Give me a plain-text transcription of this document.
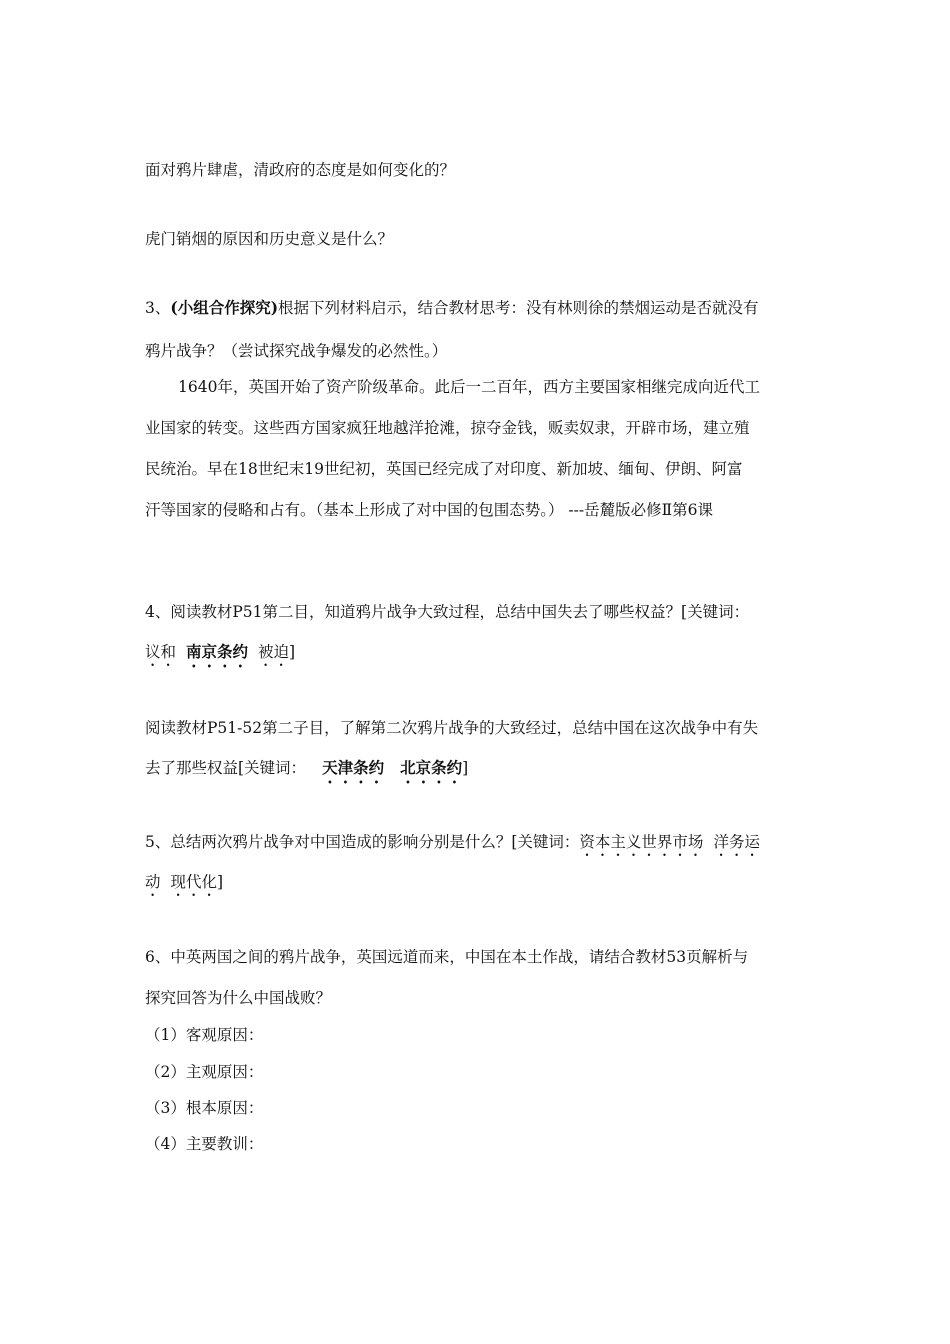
面对鸦片肆虐，清政府的态度是如何变化的？
虎门销烟的原因和历史意义是什么？
3、(小组合作探究)根据下列材料启示，结合教材思考：没有林则徐的禁烟运动是否就没有
鸦片战争？（尝试探究战争爆发的必然性。）
1640年，英国开始了资产阶级革命。此后一二百年，西方主要国家相继完成向近代工
业国家的转变。这些西方国家疯狂地越洋抢滩，掠夺金钱，贩卖奴隶，开辟市场，建立殖
民统治。早在18世纪末19世纪初，英国已经完成了对印度、新加坡、缅甸、伊朗、阿富
汗等国家的侵略和占有。（基本上形成了对中国的包围态势。） ---岳麓版必修Ⅱ第6课
4、阅读教材P51第二目，知道鸦片战争大致过程，总结中国失去了哪些权益？[关键词：
议和 南京条约 被迫]
阅读教材P51-52第二子目，了解第二次鸦片战争的大致经过，总结中国在这次战争中有失
去了那些权益[关键词： 天津条约 北京条约]
5、总结两次鸦片战争对中国造成的影响分别是什么？[关键词：资本主义世界市场 洋务运
动 现代化]
6、中英两国之间的鸦片战争，英国远道而来，中国在本土作战，请结合教材53页解析与
探究回答为什么中国战败？
（1）客观原因：
（2）主观原因：
（3）根本原因：
（4）主要教训：
